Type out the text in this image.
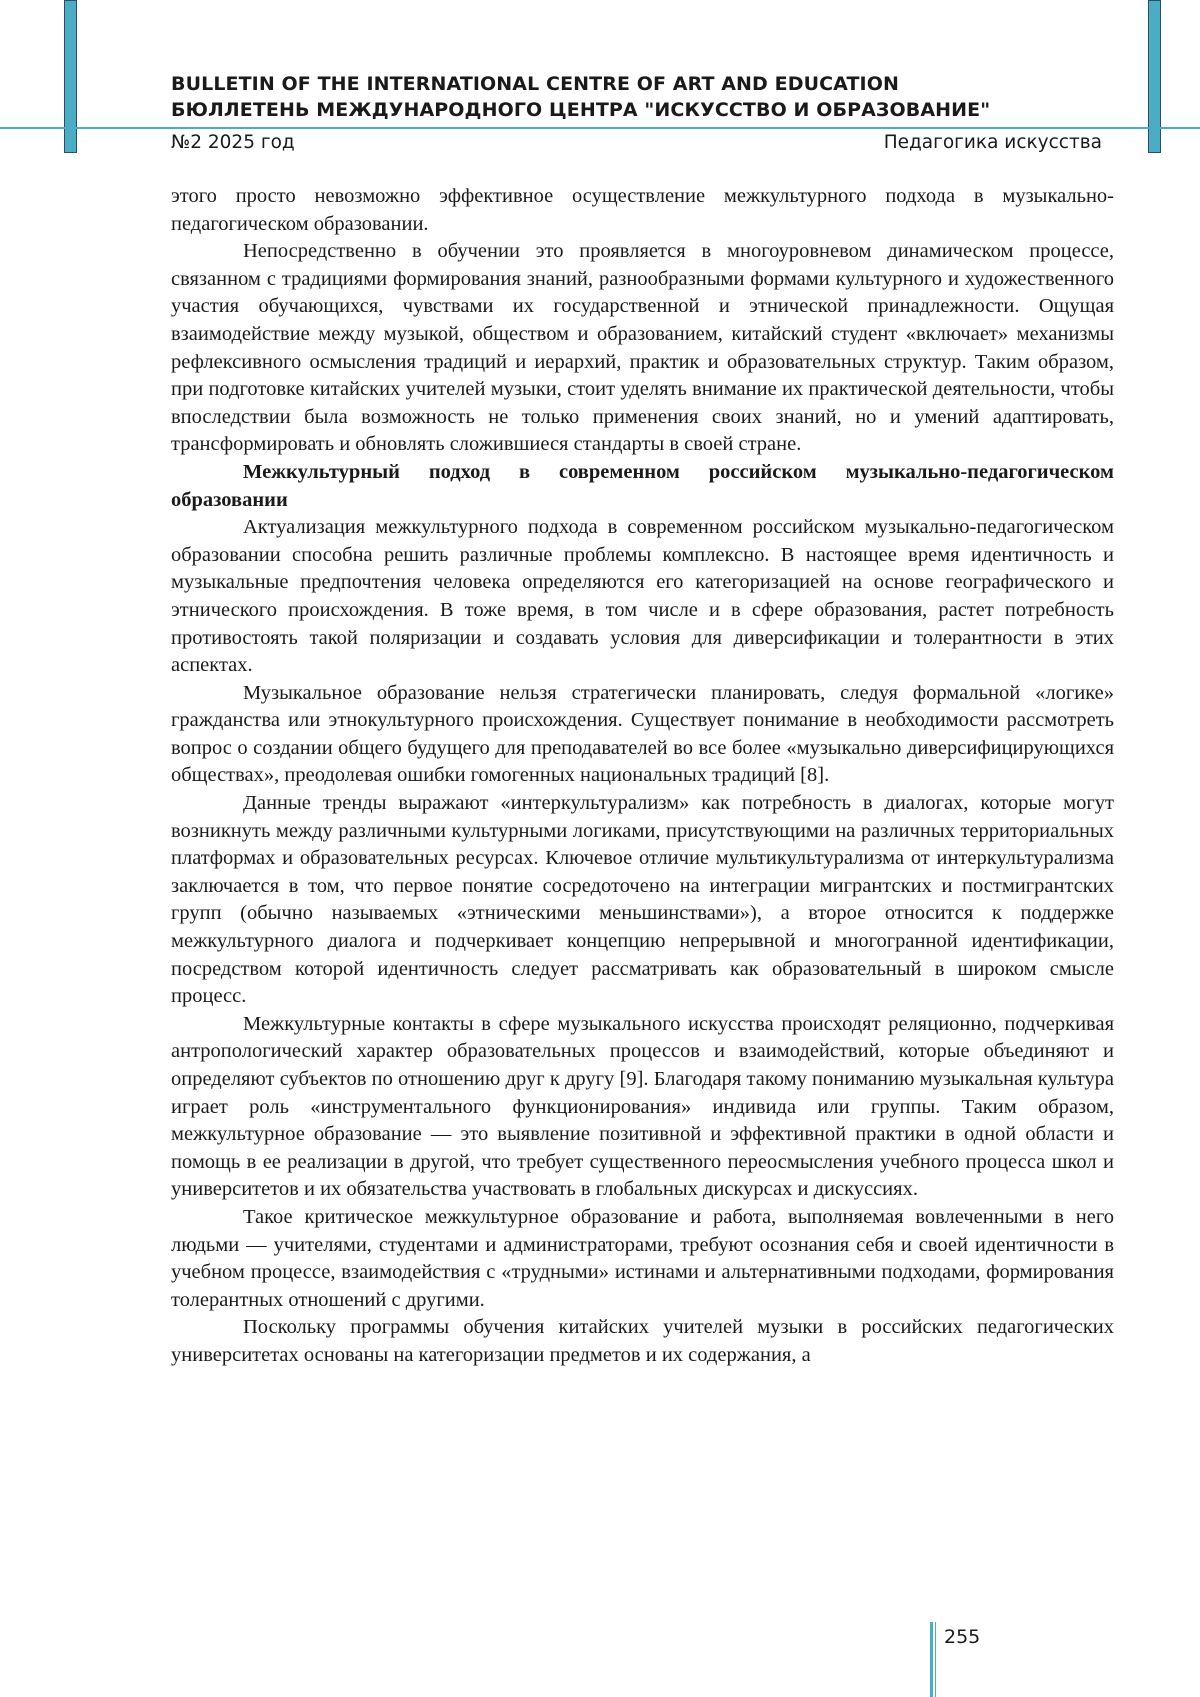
BULLETIN OF THE INTERNATIONAL CENTRE OF ART AND EDUCATION
БЮЛЛЕТЕНЬ МЕЖДУНАРОДНОГО ЦЕНТРА "ИСКУССТВО И ОБРАЗОВАНИЕ"
№2 2025 год	Педагогика искусства

этого просто невозможно эффективное осуществление межкультурного подхода в музыкально-педагогическом образовании.

Непосредственно в обучении это проявляется в многоуровневом динамическом процессе, связанном с традициями формирования знаний, разнообразными формами культурного и художественного участия обучающихся, чувствами их государственной и этнической принадлежности. Ощущая взаимодействие между музыкой, обществом и образованием, китайский студент «включает» механизмы рефлексивного осмысления традиций и иерархий, практик и образовательных структур. Таким образом, при подготовке китайских учителей музыки, стоит уделять внимание их практической деятельности, чтобы впоследствии была возможность не только применения своих знаний, но и умений адаптировать, трансформировать и обновлять сложившиеся стандарты в своей стране.

Межкультурный подход в современном российском музыкально-педагогическом образовании

Актуализация межкультурного подхода в современном российском музыкально-педагогическом образовании способна решить различные проблемы комплексно. В настоящее время идентичность и музыкальные предпочтения человека определяются его категоризацией на основе географического и этнического происхождения. В тоже время, в том числе и в сфере образования, растет потребность противостоять такой поляризации и создавать условия для диверсификации и толерантности в этих аспектах.

Музыкальное образование нельзя стратегически планировать, следуя формальной «логике» гражданства или этнокультурного происхождения. Существует понимание в необходимости рассмотреть вопрос о создании общего будущего для преподавателей во все более «музыкально диверсифицирующихся обществах», преодолевая ошибки гомогенных национальных традиций [8].

Данные тренды выражают «интеркультурализм» как потребность в диалогах, которые могут возникнуть между различными культурными логиками, присутствующими на различных территориальных платформах и образовательных ресурсах. Ключевое отличие мультикультурализма от интеркультурализма заключается в том, что первое понятие сосредоточено на интеграции мигрантских и постмигрантских групп (обычно называемых «этническими меньшинствами»), а второе относится к поддержке межкультурного диалога и подчеркивает концепцию непрерывной и многогранной идентификации, посредством которой идентичность следует рассматривать как образовательный в широком смысле процесс.

Межкультурные контакты в сфере музыкального искусства происходят реляционно, подчеркивая антропологический характер образовательных процессов и взаимодействий, которые объединяют и определяют субъектов по отношению друг к другу [9]. Благодаря такому пониманию музыкальная культура играет роль «инструментального функционирования» индивида или группы. Таким образом, межкультурное образование — это выявление позитивной и эффективной практики в одной области и помощь в ее реализации в другой, что требует существенного переосмысления учебного процесса школ и университетов и их обязательства участвовать в глобальных дискурсах и дискуссиях.

Такое критическое межкультурное образование и работа, выполняемая вовлеченными в него людьми — учителями, студентами и администраторами, требуют осознания себя и своей идентичности в учебном процессе, взаимодействия с «трудными» истинами и альтернативными подходами, формирования толерантных отношений с другими.

Поскольку программы обучения китайских учителей музыки в российских педагогических университетах основаны на категоризации предметов и их содержания, а

255
